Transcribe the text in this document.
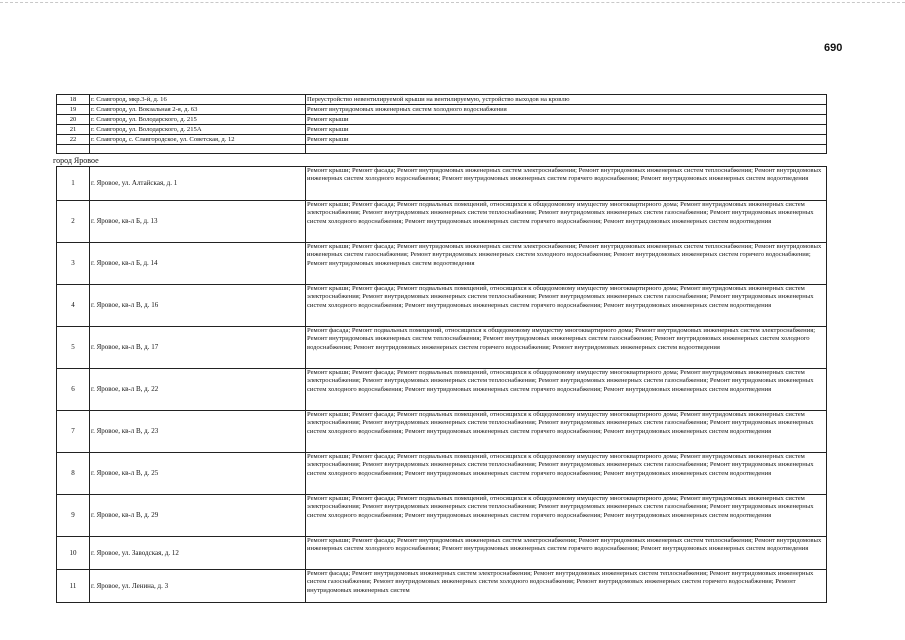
690
18	г. Славгород, мкр.3-й, д. 16	Переустройство невентилируемой крыши на вентилируемую, устройство выходов на кровлю
19	г. Славгород, ул. Вокзальная 2-я, д. 63	Ремонт внутридомовых инженерных систем холодного водоснабжения
20	г. Славгород, ул. Володарского, д. 215	Ремонт крыши
21	г. Славгород, ул. Володарского, д. 215А	Ремонт крыши
22	г. Славгород, с. Славгородское, ул. Советская, д. 12	Ремонт крыши

город Яровое
1	г. Яровое, ул. Алтайская, д. 1	Ремонт крыши; Ремонт фасада; Ремонт внутридомовых инженерных систем электроснабжения; Ремонт внутридомовых инженерных систем теплоснабжения; Ремонт внутридомовых инженерных систем холодного водоснабжения; Ремонт внутридомовых инженерных систем горячего водоснабжения; Ремонт внутридомовых инженерных систем водоотведения
2	г. Яровое, кв-л Б, д. 13	Ремонт крыши; Ремонт фасада; Ремонт подвальных помещений, относящихся к общедомовому имуществу многоквартирного дома; Ремонт внутридомовых инженерных систем электроснабжения; Ремонт внутридомовых инженерных систем теплоснабжения; Ремонт внутридомовых инженерных систем газоснабжения; Ремонт внутридомовых инженерных систем холодного водоснабжения; Ремонт внутридомовых инженерных систем горячего водоснабжения; Ремонт внутридомовых инженерных систем водоотведения
3	г. Яровое, кв-л Б, д. 14	Ремонт крыши; Ремонт фасада; Ремонт внутридомовых инженерных систем электроснабжения; Ремонт внутридомовых инженерных систем теплоснабжения; Ремонт внутридомовых инженерных систем газоснабжения; Ремонт внутридомовых инженерных систем холодного водоснабжения; Ремонт внутридомовых инженерных систем горячего водоснабжения; Ремонт внутридомовых инженерных систем водоотведения
4	г. Яровое, кв-л В, д. 16	Ремонт крыши; Ремонт фасада; Ремонт подвальных помещений, относящихся к общедомовому имуществу многоквартирного дома; Ремонт внутридомовых инженерных систем электроснабжения; Ремонт внутридомовых инженерных систем теплоснабжения; Ремонт внутридомовых инженерных систем газоснабжения; Ремонт внутридомовых инженерных систем холодного водоснабжения; Ремонт внутридомовых инженерных систем горячего водоснабжения; Ремонт внутридомовых инженерных систем водоотведения
5	г. Яровое, кв-л В, д. 17	Ремонт фасада; Ремонт подвальных помещений, относящихся к общедомовому имуществу многоквартирного дома; Ремонт внутридомовых инженерных систем электроснабжения; Ремонт внутридомовых инженерных систем теплоснабжения; Ремонт внутридомовых инженерных систем газоснабжения; Ремонт внутридомовых инженерных систем холодного водоснабжения; Ремонт внутридомовых инженерных систем горячего водоснабжения; Ремонт внутридомовых инженерных систем водоотведения
6	г. Яровое, кв-л В, д. 22	Ремонт крыши; Ремонт фасада; Ремонт подвальных помещений, относящихся к общедомовому имуществу многоквартирного дома; Ремонт внутридомовых инженерных систем электроснабжения; Ремонт внутридомовых инженерных систем теплоснабжения; Ремонт внутридомовых инженерных систем газоснабжения; Ремонт внутридомовых инженерных систем холодного водоснабжения; Ремонт внутридомовых инженерных систем горячего водоснабжения; Ремонт внутридомовых инженерных систем водоотведения
7	г. Яровое, кв-л В, д. 23	Ремонт крыши; Ремонт фасада; Ремонт подвальных помещений, относящихся к общедомовому имуществу многоквартирного дома; Ремонт внутридомовых инженерных систем электроснабжения; Ремонт внутридомовых инженерных систем теплоснабжения; Ремонт внутридомовых инженерных систем газоснабжения; Ремонт внутридомовых инженерных систем холодного водоснабжения; Ремонт внутридомовых инженерных систем горячего водоснабжения; Ремонт внутридомовых инженерных систем водоотведения
8	г. Яровое, кв-л В, д. 25	Ремонт крыши; Ремонт фасада; Ремонт подвальных помещений, относящихся к общедомовому имуществу многоквартирного дома; Ремонт внутридомовых инженерных систем электроснабжения; Ремонт внутридомовых инженерных систем теплоснабжения; Ремонт внутридомовых инженерных систем газоснабжения; Ремонт внутридомовых инженерных систем холодного водоснабжения; Ремонт внутридомовых инженерных систем горячего водоснабжения; Ремонт внутридомовых инженерных систем водоотведения
9	г. Яровое, кв-л В, д. 29	Ремонт крыши; Ремонт фасада; Ремонт подвальных помещений, относящихся к общедомовому имуществу многоквартирного дома; Ремонт внутридомовых инженерных систем электроснабжения; Ремонт внутридомовых инженерных систем теплоснабжения; Ремонт внутридомовых инженерных систем газоснабжения; Ремонт внутридомовых инженерных систем холодного водоснабжения; Ремонт внутридомовых инженерных систем горячего водоснабжения; Ремонт внутридомовых инженерных систем водоотведения
10	г. Яровое, ул. Заводская, д. 12	Ремонт крыши; Ремонт фасада; Ремонт внутридомовых инженерных систем электроснабжения; Ремонт внутридомовых инженерных систем теплоснабжения; Ремонт внутридомовых инженерных систем холодного водоснабжения; Ремонт внутридомовых инженерных систем горячего водоснабжения; Ремонт внутридомовых инженерных систем водоотведения
11	г. Яровое, ул. Ленина, д. 3	Ремонт фасада; Ремонт внутридомовых инженерных систем электроснабжения; Ремонт внутридомовых инженерных систем теплоснабжения; Ремонт внутридомовых инженерных систем газоснабжения; Ремонт внутридомовых инженерных систем холодного водоснабжения; Ремонт внутридомовых инженерных систем горячего водоснабжения; Ремонт внутридомовых инженерных систем
